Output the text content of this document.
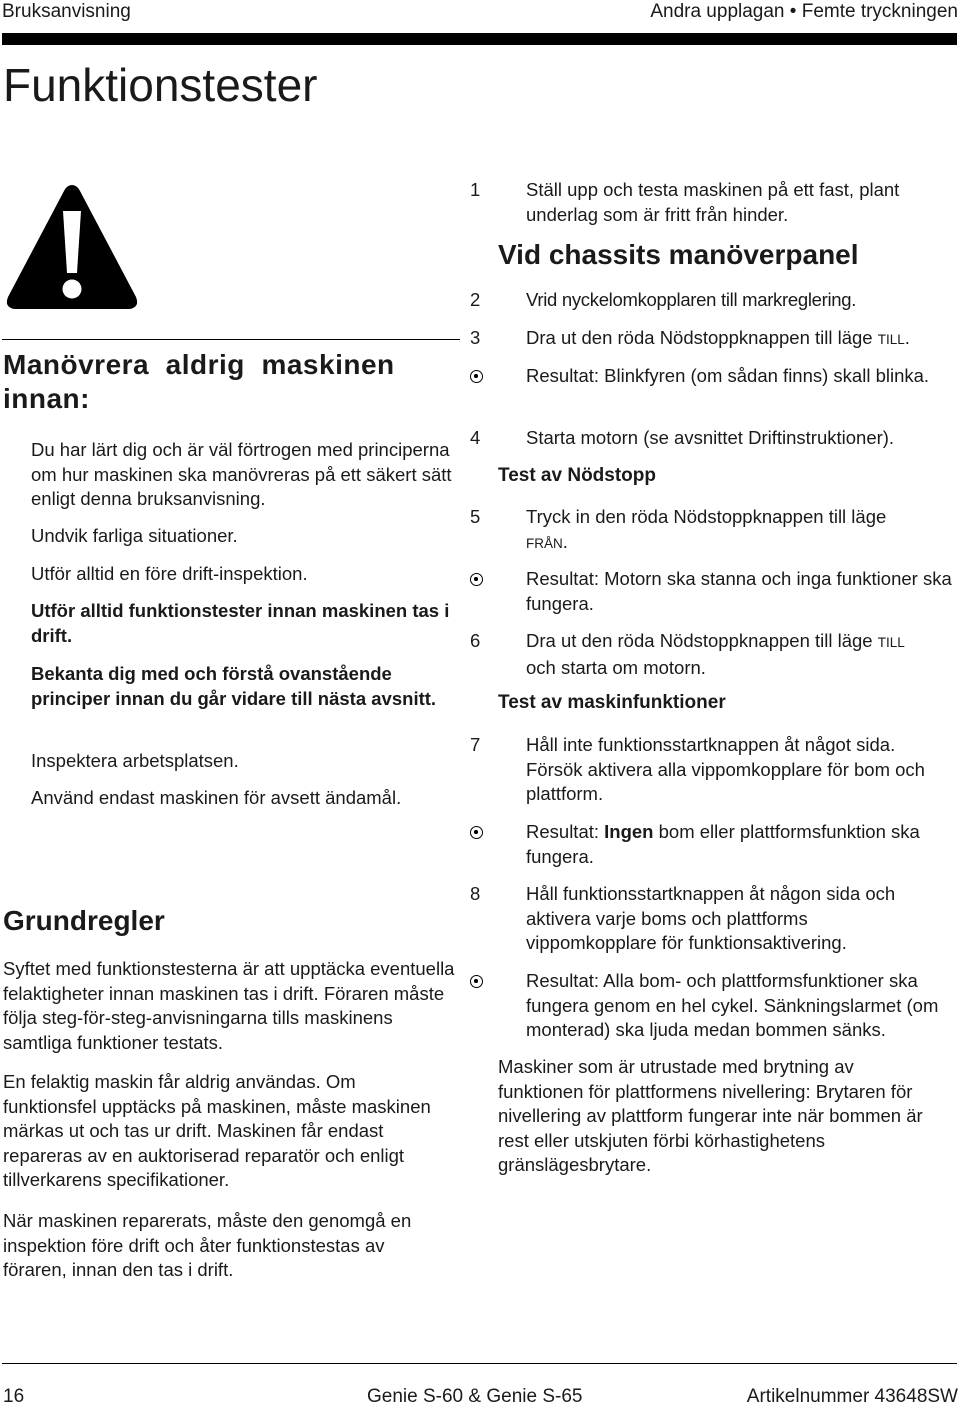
Bruksanvisning	Andra upplagan • Femte tryckningen
Funktionstester

Manövrera  aldrig  maskinen

innan:

Du har lärt dig och är väl förtrogen med principerna om hur maskinen ska manövreras på ett säkert sätt enligt denna bruksanvisning.

Undvik farliga situationer.

Utför alltid en före drift-inspektion.

Utför alltid funktionstester innan maskinen tas i drift.

Bekanta dig med och förstå ovanstående principer innan du går vidare till nästa avsnitt.

Inspektera arbetsplatsen.

Använd endast maskinen för avsett ändamål.

Grundregler

Syftet med funktionstesterna är att upptäcka eventuella felaktigheter innan maskinen tas i drift. Föraren måste följa steg-för-steg-anvisningarna tills maskinens samtliga funktioner testats.

En felaktig maskin får aldrig användas. Om funktionsfel upptäcks på maskinen, måste maskinen märkas ut och tas ur drift. Maskinen får endast repareras av en auktoriserad reparatör och enligt tillverkarens specifikationer.

När maskinen reparerats, måste den genomgå en inspektion före drift och åter funktionstestas av föraren, innan den tas i drift.

1 Ställ upp och testa maskinen på ett fast, plant underlag som är fritt från hinder.

Vid chassits manöverpanel

2 Vrid nyckelomkopplaren till markreglering.

3 Dra ut den röda Nödstoppknappen till läge TILL.

Resultat: Blinkfyren (om sådan finns) skall blinka.

4 Starta motorn (se avsnittet Driftinstruktioner).

Test av Nödstopp

5 Tryck in den röda Nödstoppknappen till läge FRÅN.

Resultat: Motorn ska stanna och inga funktioner ska fungera.

6 Dra ut den röda Nödstoppknappen till läge TILL och starta om motorn.

Test av maskinfunktioner

7 Håll inte funktionsstartknappen åt något sida. Försök aktivera alla vippomkopplare för bom och plattform.

Resultat: Ingen bom eller plattformsfunktion ska fungera.

8 Håll funktionsstartknappen åt någon sida och aktivera varje boms och plattforms vippomkopplare för funktionsaktivering.

Resultat: Alla bom- och plattformsfunktioner ska fungera genom en hel cykel. Sänkningslarmet (om monterad) ska ljuda medan bommen sänks.

Maskiner som är utrustade med brytning av funktionen för plattformens nivellering: Brytaren för nivellering av plattform fungerar inte när bommen är rest eller utskjuten förbi körhastighetens gränslägesbrytare.

16	Genie S-60 & Genie S-65	Artikelnummer 43648SW
